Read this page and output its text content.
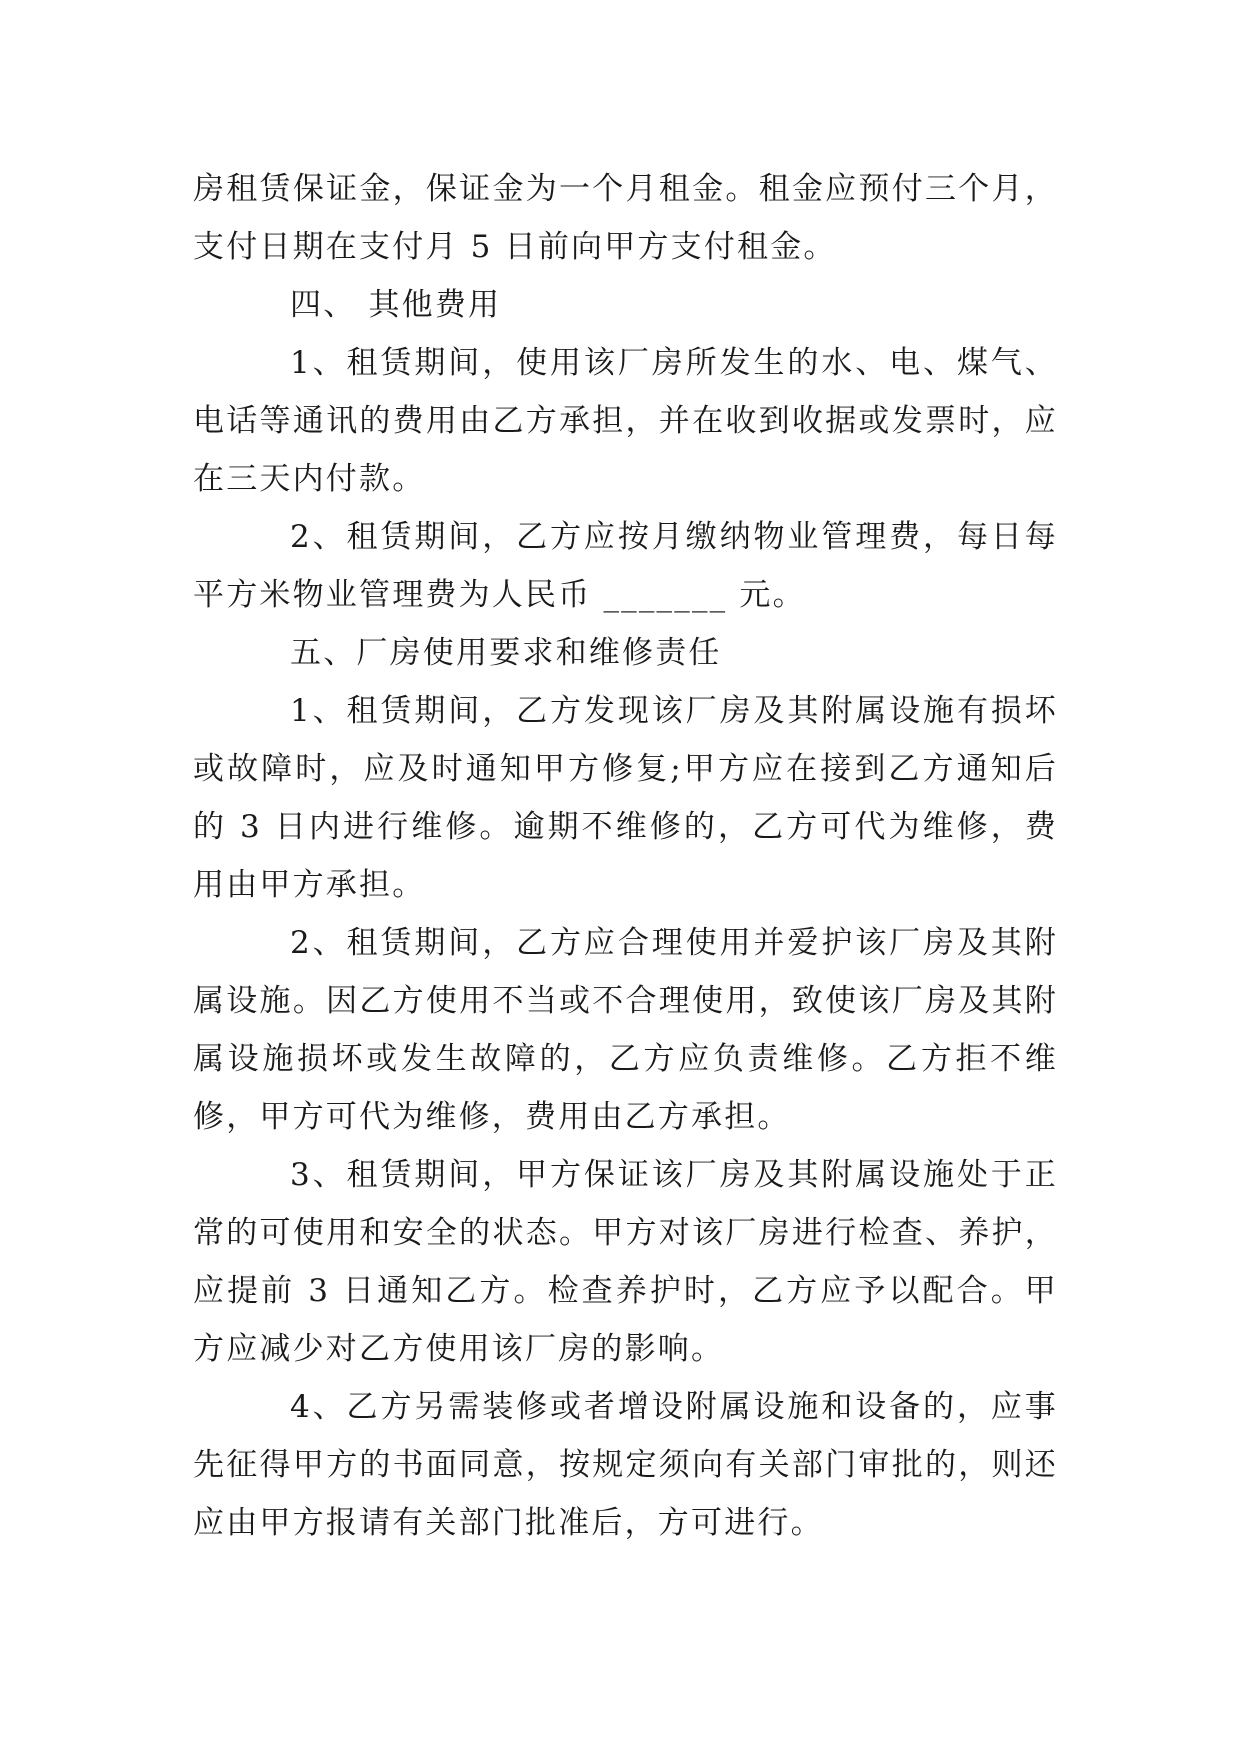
房租赁保证金，保证金为一个月租金。租金应预付三个月，支付日期在支付月 5 日前向甲方支付租金。

四、 其他费用

1、租赁期间，使用该厂房所发生的水、电、煤气、电话等通讯的费用由乙方承担，并在收到收据或发票时，应在三天内付款。

2、租赁期间，乙方应按月缴纳物业管理费，每日每平方米物业管理费为人民币 _______ 元。

五、厂房使用要求和维修责任

1、租赁期间，乙方发现该厂房及其附属设施有损坏或故障时，应及时通知甲方修复;甲方应在接到乙方通知后的 3 日内进行维修。逾期不维修的，乙方可代为维修，费用由甲方承担。

2、租赁期间，乙方应合理使用并爱护该厂房及其附属设施。因乙方使用不当或不合理使用，致使该厂房及其附属设施损坏或发生故障的，乙方应负责维修。乙方拒不维修，甲方可代为维修，费用由乙方承担。

3、租赁期间，甲方保证该厂房及其附属设施处于正常的可使用和安全的状态。甲方对该厂房进行检查、养护，应提前 3 日通知乙方。检查养护时，乙方应予以配合。甲方应减少对乙方使用该厂房的影响。

4、乙方另需装修或者增设附属设施和设备的，应事先征得甲方的书面同意，按规定须向有关部门审批的，则还应由甲方报请有关部门批准后，方可进行。
